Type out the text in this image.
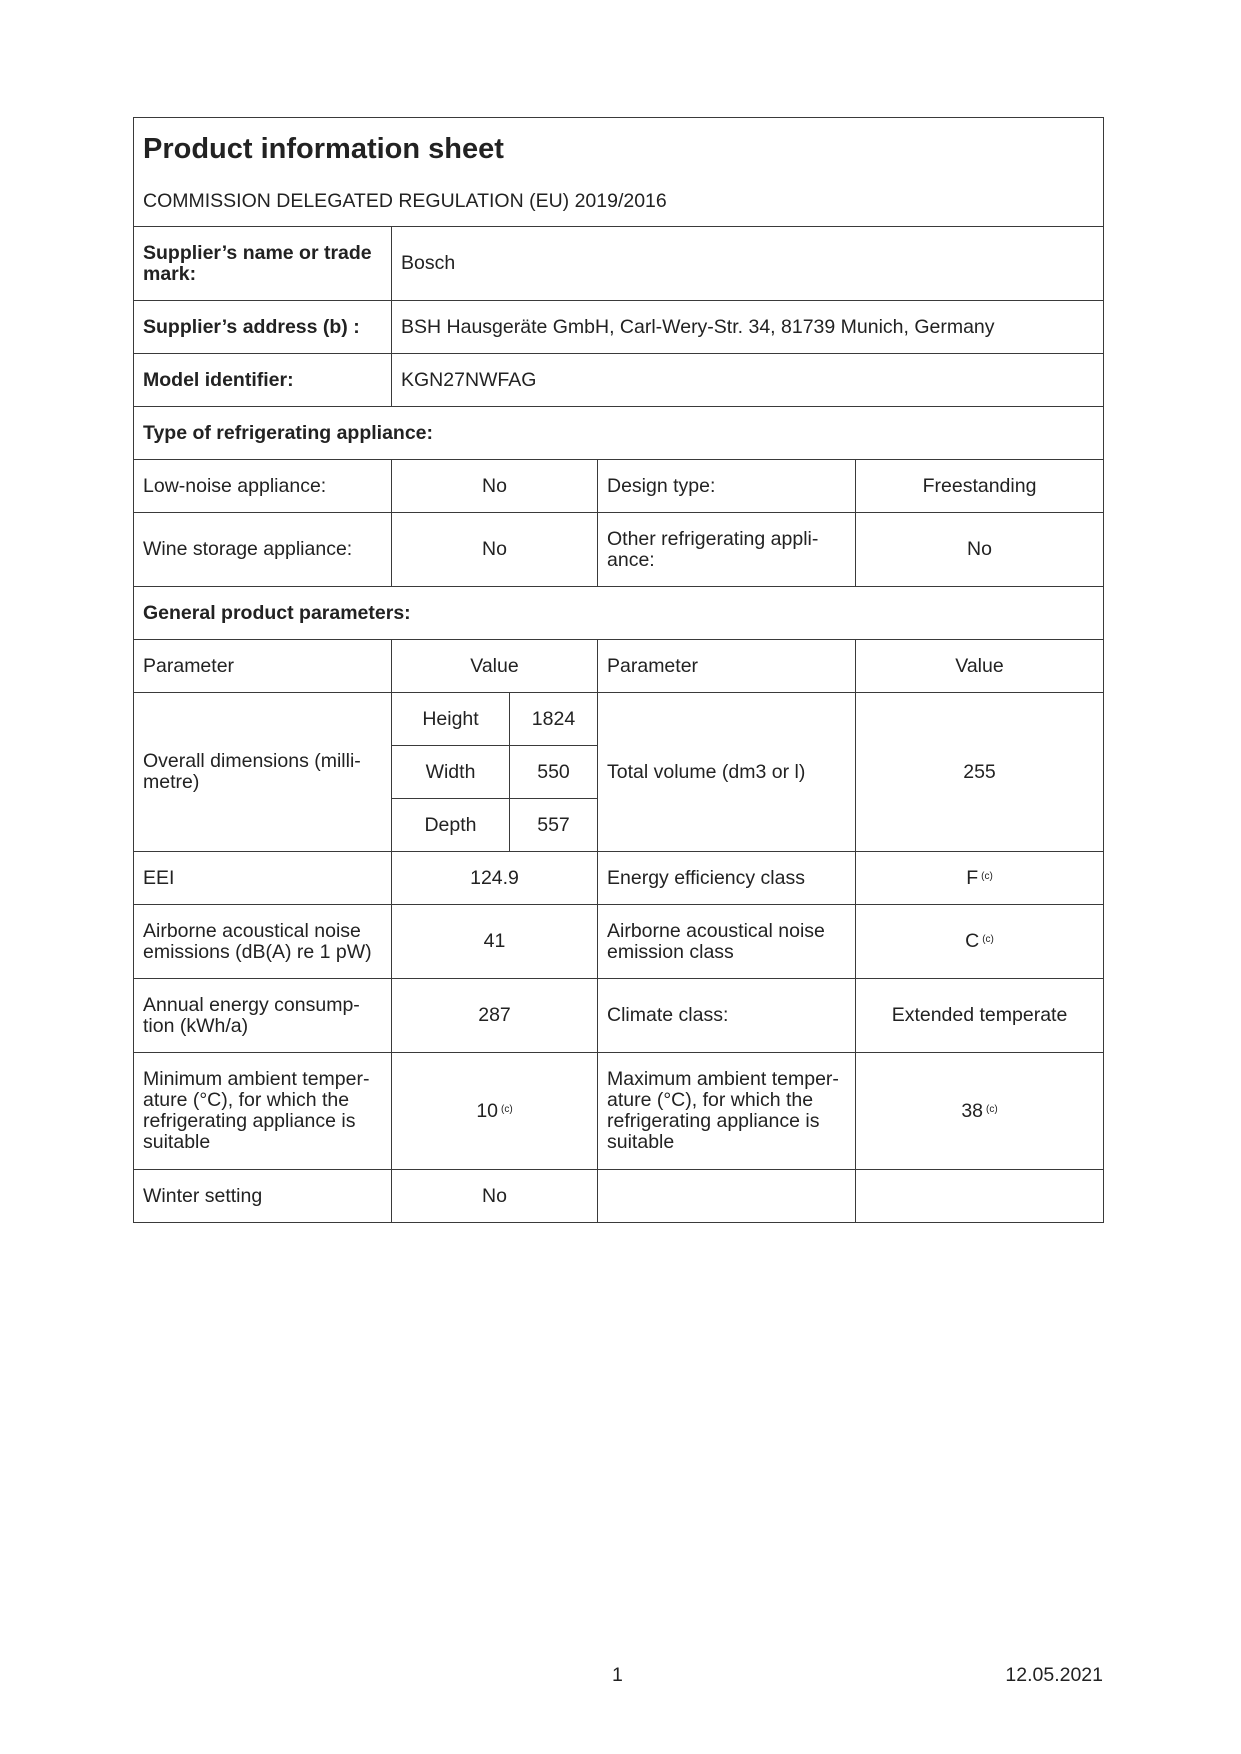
Product information sheet
COMMISSION DELEGATED REGULATION (EU) 2019/2016				

Supplier’s name or trade mark:	Bosch			
Supplier’s address (b) :	BSH Hausgeräte GmbH, Carl-Wery-Str. 34, 81739 Munich, Germany			
Model identifier:	KGN27NWFAG			
Type of refrigerating appliance:				
Low-noise appliance:	No		Design type:	Freestanding
Wine storage appliance:	No		Other refrigerating appli-ance:	No
General product parameters:				
Parameter	Value		Parameter	Value
Overall dimensions (milli-metre)	Height	1824	Total volume (dm3 or l)	255
	Width	550		
	Depth	557		
EEI	124.9		Energy efficiency class	F $^{(c)}$
Airborne acoustical noise emissions (dB(A) re 1 pW)	41		Airborne acoustical noise emission class	C $^{(c)}$
Annual energy consump-tion (kWh/a)	287		Climate class:	Extended temperate
Minimum ambient temper-ature (°C), for which the refrigerating appliance is suitable	10 $^{(c)}$		Maximum ambient temper-ature (°C), for which the refrigerating appliance is suitable	38 $^{(c)}$
Winter setting	No			
1	12.05.2021
